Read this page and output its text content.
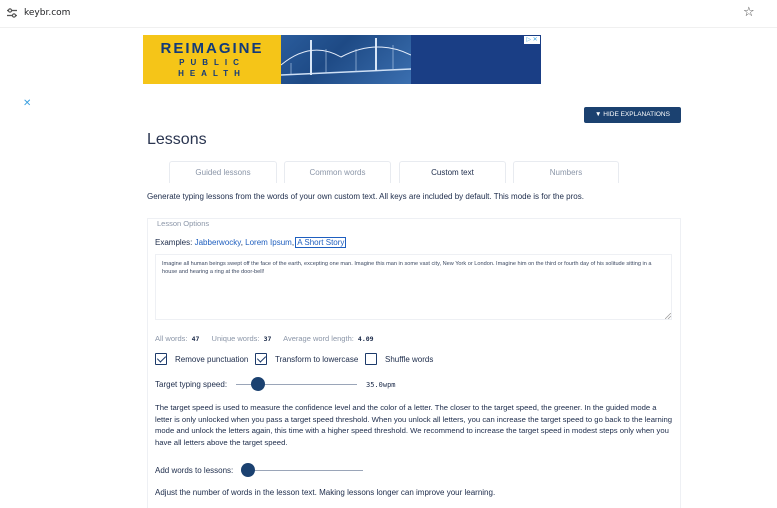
keybr.com	☆
REIMAGINE
PUBLIC
HEALTH
▷ ✕
✕
▼ HIDE EXPLANATIONS
Lessons
Guided lessons	Common words	Custom text	Numbers
Generate typing lessons from the words of your own custom text. All keys are included by default. This mode is for the pros.
Lesson Options
Examples: Jabberwocky, Lorem Ipsum, A Short Story
Imagine all human beings swept off the face of the earth, excepting one man. Imagine this man in some vast city, New York or London. Imagine him on the third or fourth day of his solitude sitting in a house and hearing a ring at the door-bell!
All words: 47 Unique words: 37 Average word length: 4.09
Remove punctuation	Transform to lowercase	Shuffle words
Target typing speed:	35.0wpm
The target speed is used to measure the confidence level and the color of a letter. The closer to the target speed, the greener. In the guided mode a letter is only unlocked when you pass a target speed threshold. When you unlock all letters, you can increase the target speed to go back to the learning mode and unlock the letters again, this time with a higher speed threshold. We recommend to increase the target speed in modest steps only when you have all letters above the target speed.
Add words to lessons:
Adjust the number of words in the lesson text. Making lessons longer can improve your learning.
